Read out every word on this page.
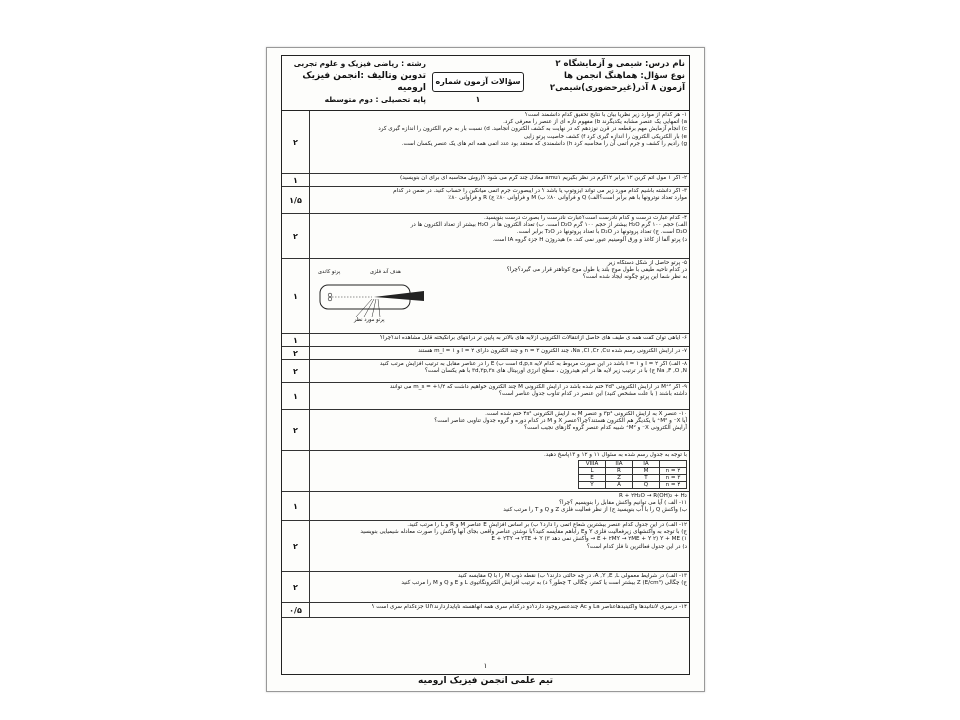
نام درس: شیمی و آزمایشگاه ۲
نوع سؤال: هماهنگ انجمن ها
آزمون ۸ آذر(غیرحضوری)شیمی۲
سؤالات آزمون شماره ۱
رشته : ریاضی فیزیک و علوم تجربی
تدوین وتالیف :انجمن فیزیک ارومیه
پایه تحصیلی : دوم متوسطه

۱- هر کدام از موارد زیر نظریا بیان با نتایج تحقیق کدام دانشمند است؟

a) اتمهایی یک عنصر مشابه یکدیگرند b) مفهوم تازه ای از عنصر را معرفی کرد.

c) انجام آزمایش مهم برقطعه در قرن نوزدهم که در نهایت به کشف الکترون انجامید. d) نسبت بار به جرم الکترون را اندازه گیری کرد

e) بار الکتریکی الکترون را اندازه گیری کرد f) کشف خاصیت پرتو زایی

g) رادیم را کشف و جرم اتمی آن را محاسبه کرد h) دانشمندی که معتقد بود عدد اتمی همه اتم های یک عنصر یکسان است.

۲

۲- اگر ۱ مول اتم کربن ۱۲ برابر ۱۲گرم در نظر بگیریم amu۱ معادل چند گرم می شود ؟(روش محاسبه ای برای آن بنویسید)

۱

۳- اگر دانشته باشیم کدام مورد زیر می تواند ایزوتوپ یا باشد ؟ در ایبصورت جرم اتمی میانگین را حساب کنید. در ضمن در کدام

موارد تعداد نوترونها با هم برابر است؟الف) Q و فراوانی ۸۰٪ ب) M و فراوانی ۸۰٪ ج) R و فراوانی ۸۰٪

۱/۵

۴- کدام عبارت درست و کدام نادرست است؟عبارت نادرست را بصورت درست بنویسید.

الف) حجم ۱۰۰ گرم H₂O بیشتر از حجم ۱۰۰ گرم D₂O است. ب) تعداد الکترون ها در H₂O بیشتر از تعداد الکترون ها در

D₂O است. ج) تعداد پروتونها در D₂O با تعداد پروتونها در T₂O برابر است.

د) پرتو آلفا از کاغذ و ورق آلومینیم عبور نمی کند. ه) هیدروژن H جزء گروه IA است.

۲

۵- پرتو حاصل از شکل دستگاه زیر

در کدام ناحیه طیفی با طول موج بلند یا طول موج کوتاهتر قرار می گیرد؟چرا؟

به نظر شما این پرتو چگونه ایجاد شده است؟

پرتو کاتدی	هدف آند فلزی
پرتو مورد نظر
۱

۶- آیاهی توان گفت همه ی طیف های حاصل ازانتقالات الکترونی ازلایه های بالاتر به پایین تر درانتهای برانگیخته قابل مشاهده اند؟چرا؟

۱

۷- در آرایش الکترونی رسم شده Na ,Cl ,Cr ,Cu، چند الکترون n = ۳ و چند الکترون دارای l = ۲ و m_l = ۱ هستند

۲

۸- الف) اگر l = ۲ و l = ۱ باشد در این صورت مربوط به کدام لایه d,p,s است ب) E را در عناصر مقابل به ترتیب افزایش مرتب کنید

Na ,F ,O ,N ج) با در ترتیب زیر لایه ها در اتم هیدروژن ، سطح انرژی اوربیتال های ۳d,۳p,۳s با هم یکسان است؟

۲

۹- اگر M⁺² در آرایش الکترونی ۳d⁵ ختم شده باشد در آرایش الکترونی M چند الکترون خواهیم داشت که m_s = +۱/۲ می توانند

داشته باشند ( با علت مشخص کنید) این عنصر در کدام تناوب جدول عناصر است؟

۱

۱۰- عنصر X به آرایش الکترونی ۳p⁴ و عنصر M به آرایش الکترونی ۴s² ختم شده است.

آیا X⁻ و M²⁺ با یکدیگر هم الکترون هستند؟چرا؟عنصر X و M در کدام دوره و گروه جدول تناوبی عناصر است؟

آرایش الکترونی X⁻ و M²⁺ شبیه کدام عنصر گروه گازهای نجیب است؟

۲

با توجه به جدول رسم شده به سئوال ۱۱ و ۱۲ و ۱۳پاسخ دهید.

VIIIA	IIA	IA	
L	R	M	n = ۲
E	Z	T	n = ۳
Y	A	Q	n = ۴

R + ۲H₂O → R(OH)₂ + H₂

۱۱- الف ) آیا می توانیم واکنش مقابل را بنویسیم ؟چرا؟

ب) واکنش Q را با آب بنویسید ج) از نظر فعالیت فلزی Z و Q و T را مرتب کنید

۱

۱۲- الف) در این جدول کدام عنصر بیشترین شعاع اتمی را دارد؟ ب) بر اساس افزایش E عناصر M و R و L را مرتب کنید.

ج) با توجه به واکنشهای زیرفعالیت فلزی Y وE راباهم مقایسه کنید؟با نوشتن عناصر واقعی بجای آنها واکنش را صورت معادله شیمیایی بنویسید

۱) E + ۲MY → ۲ME + Y ۲) Y + ME → واکنش نمی دهد ۳) E + ۲TY → ۲TE + Y

د) در این جدول فعالترین نا فلز کدام است؟

۲

۱۳- الف) در شرایط معمولی A ,Y ,E ,L، در چه حالتی دارند؟ ب) نقطه ذوب M را با Q مقایسه کنید

ج) چگالی Z (E/cm³) بیشتر است یا کمتر، چگالی T چطور؟ د) به ترتیب افزایش الکترونگاتیوی L و E و Q و M را مرتب کنید

۲

۱۴- درسری لانتانیدها واکتینیدهاعناصر La و Ac چندعنصروجود دارد؟دو درکدام سری همه آنهاهسته ناپایداردارند؟اU جزءکدام سری است ؟

۰/۵
۱
تیم علمی انجمن فیزیک ارومیه
